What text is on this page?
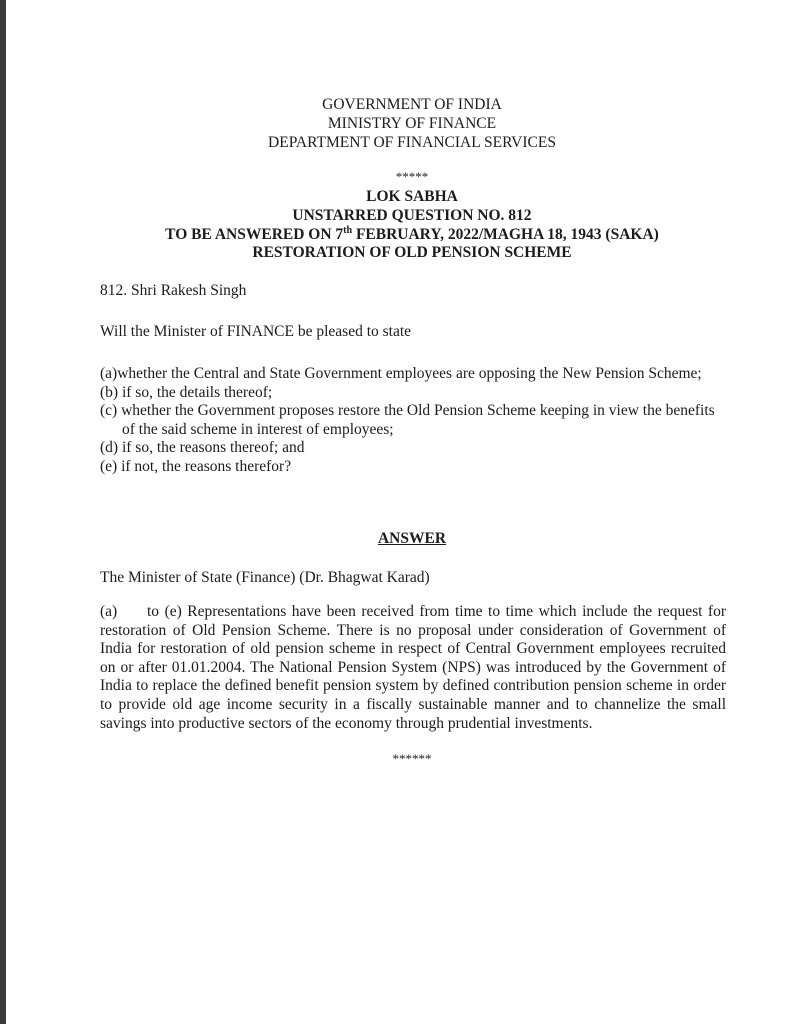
GOVERNMENT OF INDIA
MINISTRY OF FINANCE
DEPARTMENT OF FINANCIAL SERVICES
*****
LOK SABHA
UNSTARRED QUESTION NO. 812
TO BE ANSWERED ON 7th FEBRUARY, 2022/MAGHA 18, 1943 (SAKA)
RESTORATION OF OLD PENSION SCHEME
812. Shri Rakesh Singh
Will the Minister of FINANCE be pleased to state
(a)whether the Central and State Government employees are opposing the New Pension Scheme;
(b) if so, the details thereof;
(c) whether the Government proposes restore the Old Pension Scheme keeping in view the benefits
of the said scheme in interest of employees;
(d) if so, the reasons thereof; and
(e) if not, the reasons therefor?
ANSWER
The Minister of State (Finance) (Dr. Bhagwat Karad)
(a) to (e) Representations have been received from time to time which include the request for restoration of Old Pension Scheme. There is no proposal under consideration of Government of India for restoration of old pension scheme in respect of Central Government employees recruited on or after 01.01.2004. The National Pension System (NPS) was introduced by the Government of India to replace the defined benefit pension system by defined contribution pension scheme in order to provide old age income security in a fiscally sustainable manner and to channelize the small savings into productive sectors of the economy through prudential investments.
******
